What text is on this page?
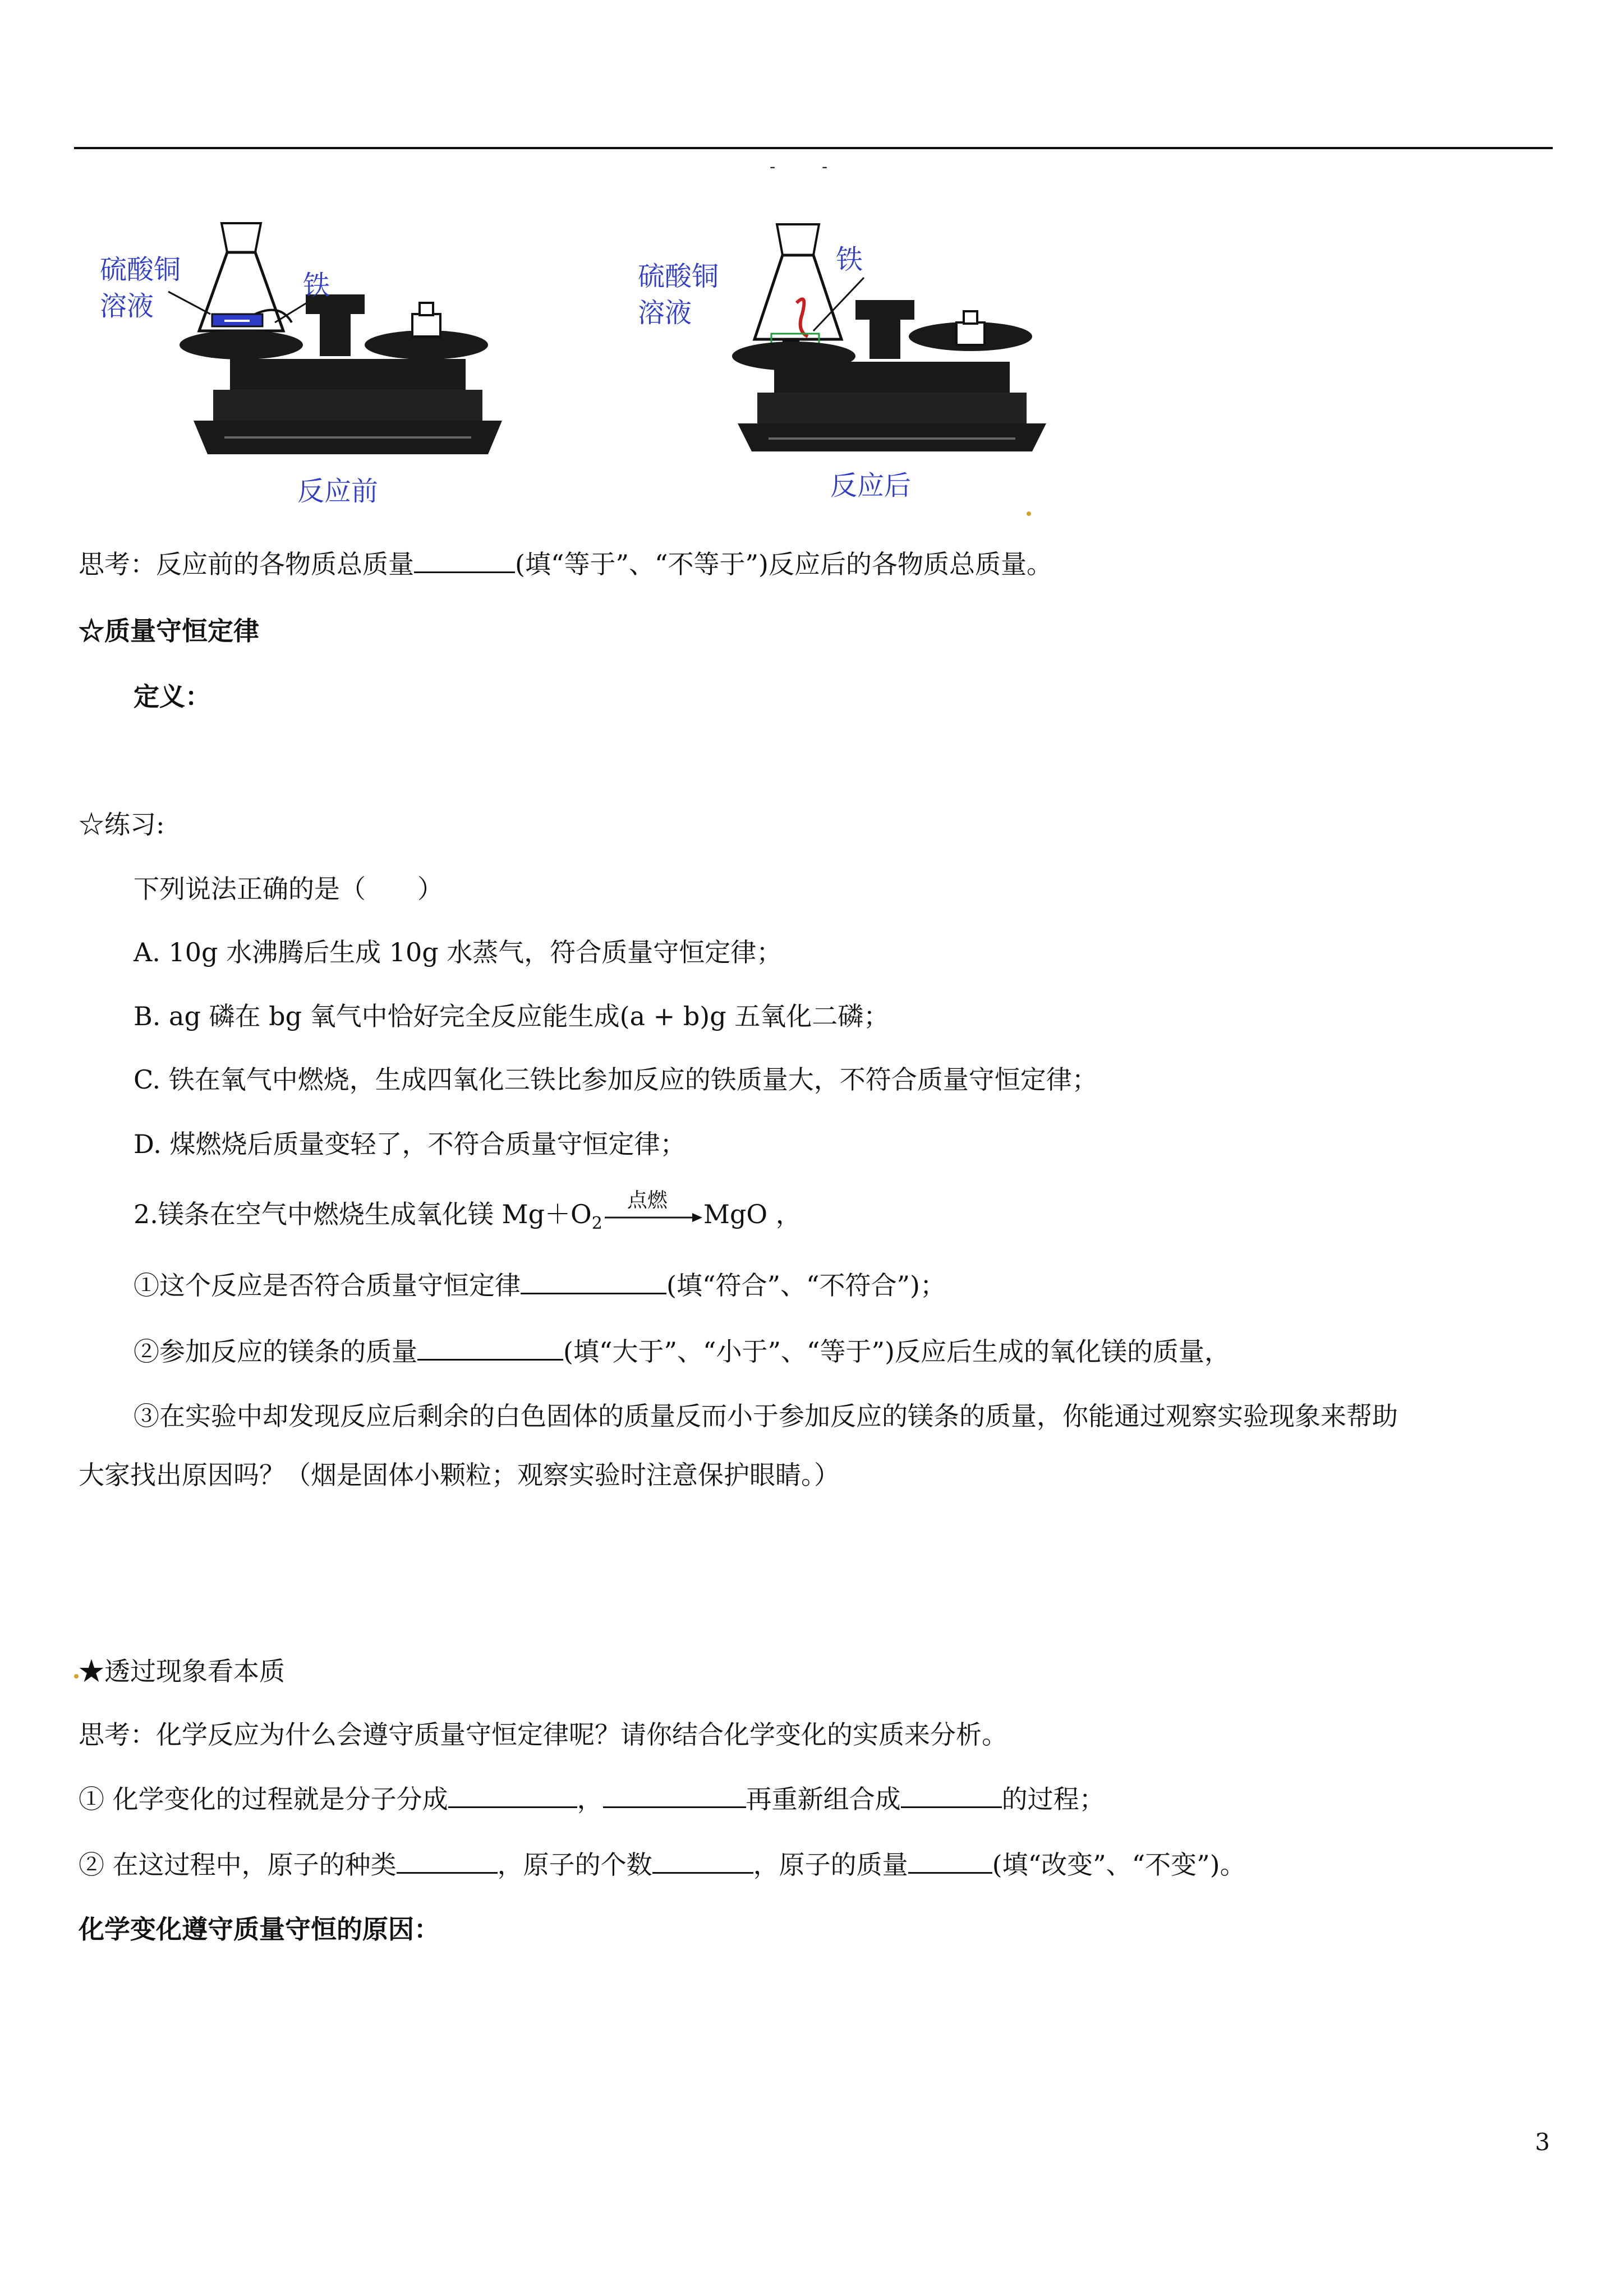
-	-
硫酸铜
溶液
铁
反应前
硫酸铜
溶液
铁
反应后
思考：反应前的各物质总质量	(填“等于”、“不等于”)反应后的各物质总质量。
☆质量守恒定律
定义：
☆练习:
下列说法正确的是（　　）
A. 10g 水沸腾后生成 10g 水蒸气，符合质量守恒定律；
B. ag 磷在 bg 氧气中恰好完全反应能生成(a + b)g 五氧化二磷；
C. 铁在氧气中燃烧，生成四氧化三铁比参加反应的铁质量大，不符合质量守恒定律；
D. 煤燃烧后质量变轻了，不符合质量守恒定律；
2.镁条在空气中燃烧生成氧化镁 $Mg+O_2$
点燃 MgO ，
①这个反应是否符合质量守恒定律	(填“符合”、“不符合”)；
②参加反应的镁条的质量	(填“大于”、“小于”、“等于”)反应后生成的氧化镁的质量，
③在实验中却发现反应后剩余的白色固体的质量反而小于参加反应的镁条的质量，你能通过观察实验现象来帮助
大家找出原因吗？（烟是固体小颗粒；观察实验时注意保护眼睛。）
★透过现象看本质
思考：化学反应为什么会遵守质量守恒定律呢？请你结合化学变化的实质来分析。
① 化学变化的过程就是分子分成	，	再重新组合成	的过程；
② 在这过程中，原子的种类	，原子的个数	，原子的质量	(填“改变”、“不变”)。
化学变化遵守质量守恒的原因：
3
